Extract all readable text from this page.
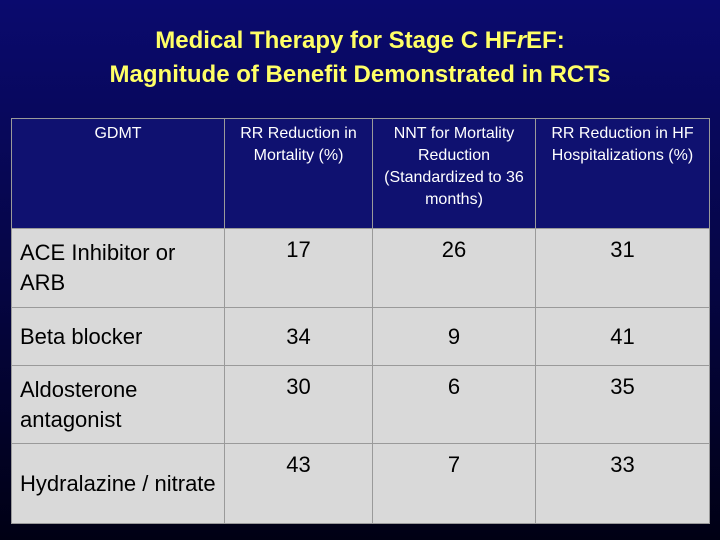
Medical Therapy for Stage C HFrEF:
Magnitude of Benefit Demonstrated in RCTs
GDMT	RR Reduction in Mortality (%)	NNT for Mortality Reduction (Standardized to 36 months)	RR Reduction in HF Hospitalizations (%)
ACE Inhibitor or ARB	17	26	31
Beta blocker	34	9	41
Aldosterone antagonist	30	6	35
Hydralazine / nitrate	43	7	33
